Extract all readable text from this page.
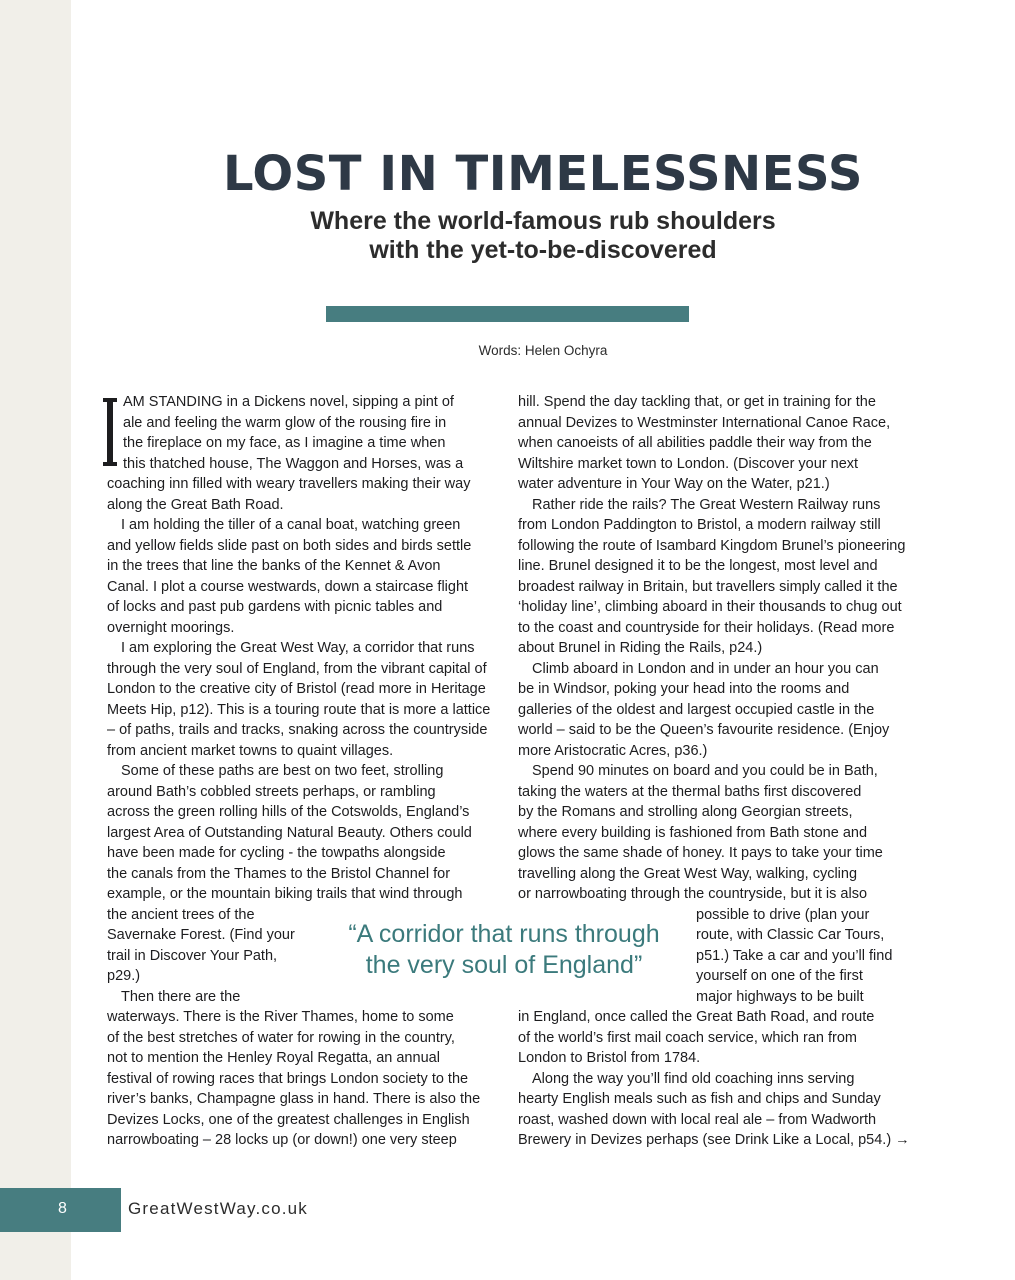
LOST IN TIMELESSNESS
Where the world-famous rub shoulders
with the yet-to-be-discovered
Words: Helen Ochyra
AM STANDING in a Dickens novel, sipping a pint of
ale and feeling the warm glow of the rousing fire in
the fireplace on my face, as I imagine a time when
this thatched house, The Waggon and Horses, was a
coaching inn filled with weary travellers making their way
along the Great Bath Road.
I am holding the tiller of a canal boat, watching green
and yellow fields slide past on both sides and birds settle
in the trees that line the banks of the Kennet & Avon
Canal. I plot a course westwards, down a staircase flight
of locks and past pub gardens with picnic tables and
overnight moorings.
I am exploring the Great West Way, a corridor that runs
through the very soul of England, from the vibrant capital of
London to the creative city of Bristol (read more in Heritage
Meets Hip, p12). This is a touring route that is more a lattice
– of paths, trails and tracks, snaking across the countryside
from ancient market towns to quaint villages.
Some of these paths are best on two feet, strolling
around Bath’s cobbled streets perhaps, or rambling
across the green rolling hills of the Cotswolds, England’s
largest Area of Outstanding Natural Beauty. Others could
have been made for cycling - the towpaths alongside
the canals from the Thames to the Bristol Channel for
example, or the mountain biking trails that wind through
the ancient trees of the
Savernake Forest. (Find your
trail in Discover Your Path,
p29.)
Then there are the
waterways. There is the River Thames, home to some
of the best stretches of water for rowing in the country,
not to mention the Henley Royal Regatta, an annual
festival of rowing races that brings London society to the
river’s banks, Champagne glass in hand. There is also the
Devizes Locks, one of the greatest challenges in English
narrowboating – 28 locks up (or down!) one very steep
hill. Spend the day tackling that, or get in training for the
annual Devizes to Westminster International Canoe Race,
when canoeists of all abilities paddle their way from the
Wiltshire market town to London. (Discover your next
water adventure in Your Way on the Water, p21.)
Rather ride the rails? The Great Western Railway runs
from London Paddington to Bristol, a modern railway still
following the route of Isambard Kingdom Brunel’s pioneering
line. Brunel designed it to be the longest, most level and
broadest railway in Britain, but travellers simply called it the
‘holiday line’, climbing aboard in their thousands to chug out
to the coast and countryside for their holidays. (Read more
about Brunel in Riding the Rails, p24.)
Climb aboard in London and in under an hour you can
be in Windsor, poking your head into the rooms and
galleries of the oldest and largest occupied castle in the
world – said to be the Queen’s favourite residence. (Enjoy
more Aristocratic Acres, p36.)
Spend 90 minutes on board and you could be in Bath,
taking the waters at the thermal baths first discovered
by the Romans and strolling along Georgian streets,
where every building is fashioned from Bath stone and
glows the same shade of honey. It pays to take your time
travelling along the Great West Way, walking, cycling
or narrowboating through the countryside, but it is also
possible to drive (plan your
route, with Classic Car Tours,
p51.) Take a car and you’ll find
yourself on one of the first
major highways to be built
in England, once called the Great Bath Road, and route
of the world’s first mail coach service, which ran from
London to Bristol from 1784.
Along the way you’ll find old coaching inns serving
hearty English meals such as fish and chips and Sunday
roast, washed down with local real ale – from Wadworth
Brewery in Devizes perhaps (see Drink Like a Local, p54.) →
“A corridor that runs through
the very soul of England”
8	GreatWestWay.co.uk
